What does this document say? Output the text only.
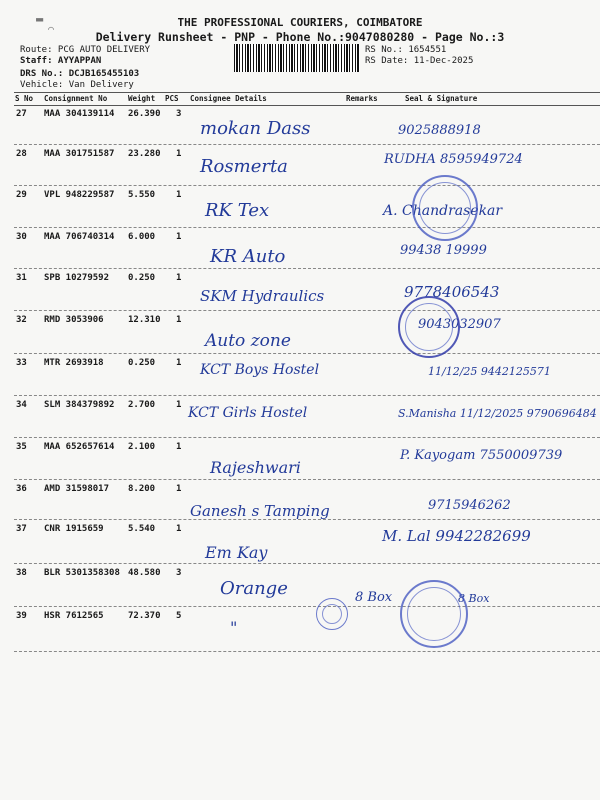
▬
⌒
THE PROFESSIONAL COURIERS, COIMBATORE
Delivery Runsheet - PNP - Phone No.:9047080280 - Page No.:3
Route: PCG AUTO DELIVERY
Staff: AYYAPPAN
DRS No.: DCJB165455103
Vehicle: Van Delivery
RS No.: 1654551
RS Date: 11-Dec-2025
S No Consignment No	Weight PCS Consignee Details	Remarks	Seal & Signature
27 MAA 304139114 26.390 3
mokan Dass	9025888918
28 MAA 301751587 23.280 1
Rosmerta	RUDHA 8595949724
29 VPL 948229587 5.550 1
RK Tex	A. Chandrasekar
30 MAA 706740314 6.000 1
KR Auto	99438 19999
31 SPB 10279592 0.250 1
SKM Hydraulics	9778406543
32 RMD 3053906	12.310 1
Auto zone
9043032907
33 MTR 2693918	0.250 1 KCT Boys Hostel	11/12/25 9442125571
34 SLM 384379892 2.700 1 KCT Girls Hostel	S.Manisha 11/12/2025 9790696484
35 MAA 652657614 2.100 1
Rajeshwari
P. Kayogam 7550009739
36 AMD 31598017 8.200 1
Ganesh s Tamping	9715946262
37 CNR 1915659	5.540 1
Em Kay
M. Lal 9942282699
38 BLR 5301358308 48.580 3
Orange	8 Box
39 HSR 7612565	72.370 5
"
8 Box
